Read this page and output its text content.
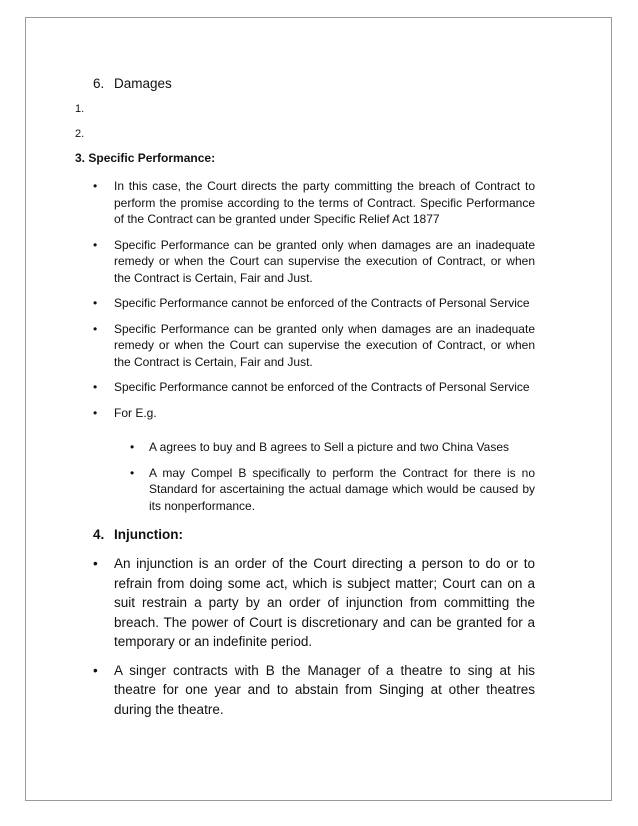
6. Damages
1.
2.
3. Specific Performance:
• In this case, the Court directs the party committing the breach of Contract to perform the promise according to the terms of Contract. Specific Performance of the Contract can be granted under Specific Relief Act 1877
• Specific Performance can be granted only when damages are an inadequate remedy or when the Court can supervise the execution of Contract, or when the Contract is Certain, Fair and Just.
• Specific Performance cannot be enforced of the Contracts of Personal Service
• Specific Performance can be granted only when damages are an inadequate remedy or when the Court can supervise the execution of Contract, or when the Contract is Certain, Fair and Just.
• Specific Performance cannot be enforced of the Contracts of Personal Service
• For E.g.
• A agrees to buy and B agrees to Sell a picture and two China Vases
• A may Compel B specifically to perform the Contract for there is no Standard for ascertaining the actual damage which would be caused by its nonperformance.
4. Injunction:
• An injunction is an order of the Court directing a person to do or to refrain from doing some act, which is subject matter; Court can on a suit restrain a party by an order of injunction from committing the breach. The power of Court is discretionary and can be granted for a temporary or an indefinite period.
• A singer contracts with B the Manager of a theatre to sing at his theatre for one year and to abstain from Singing at other theatres during the theatre.
